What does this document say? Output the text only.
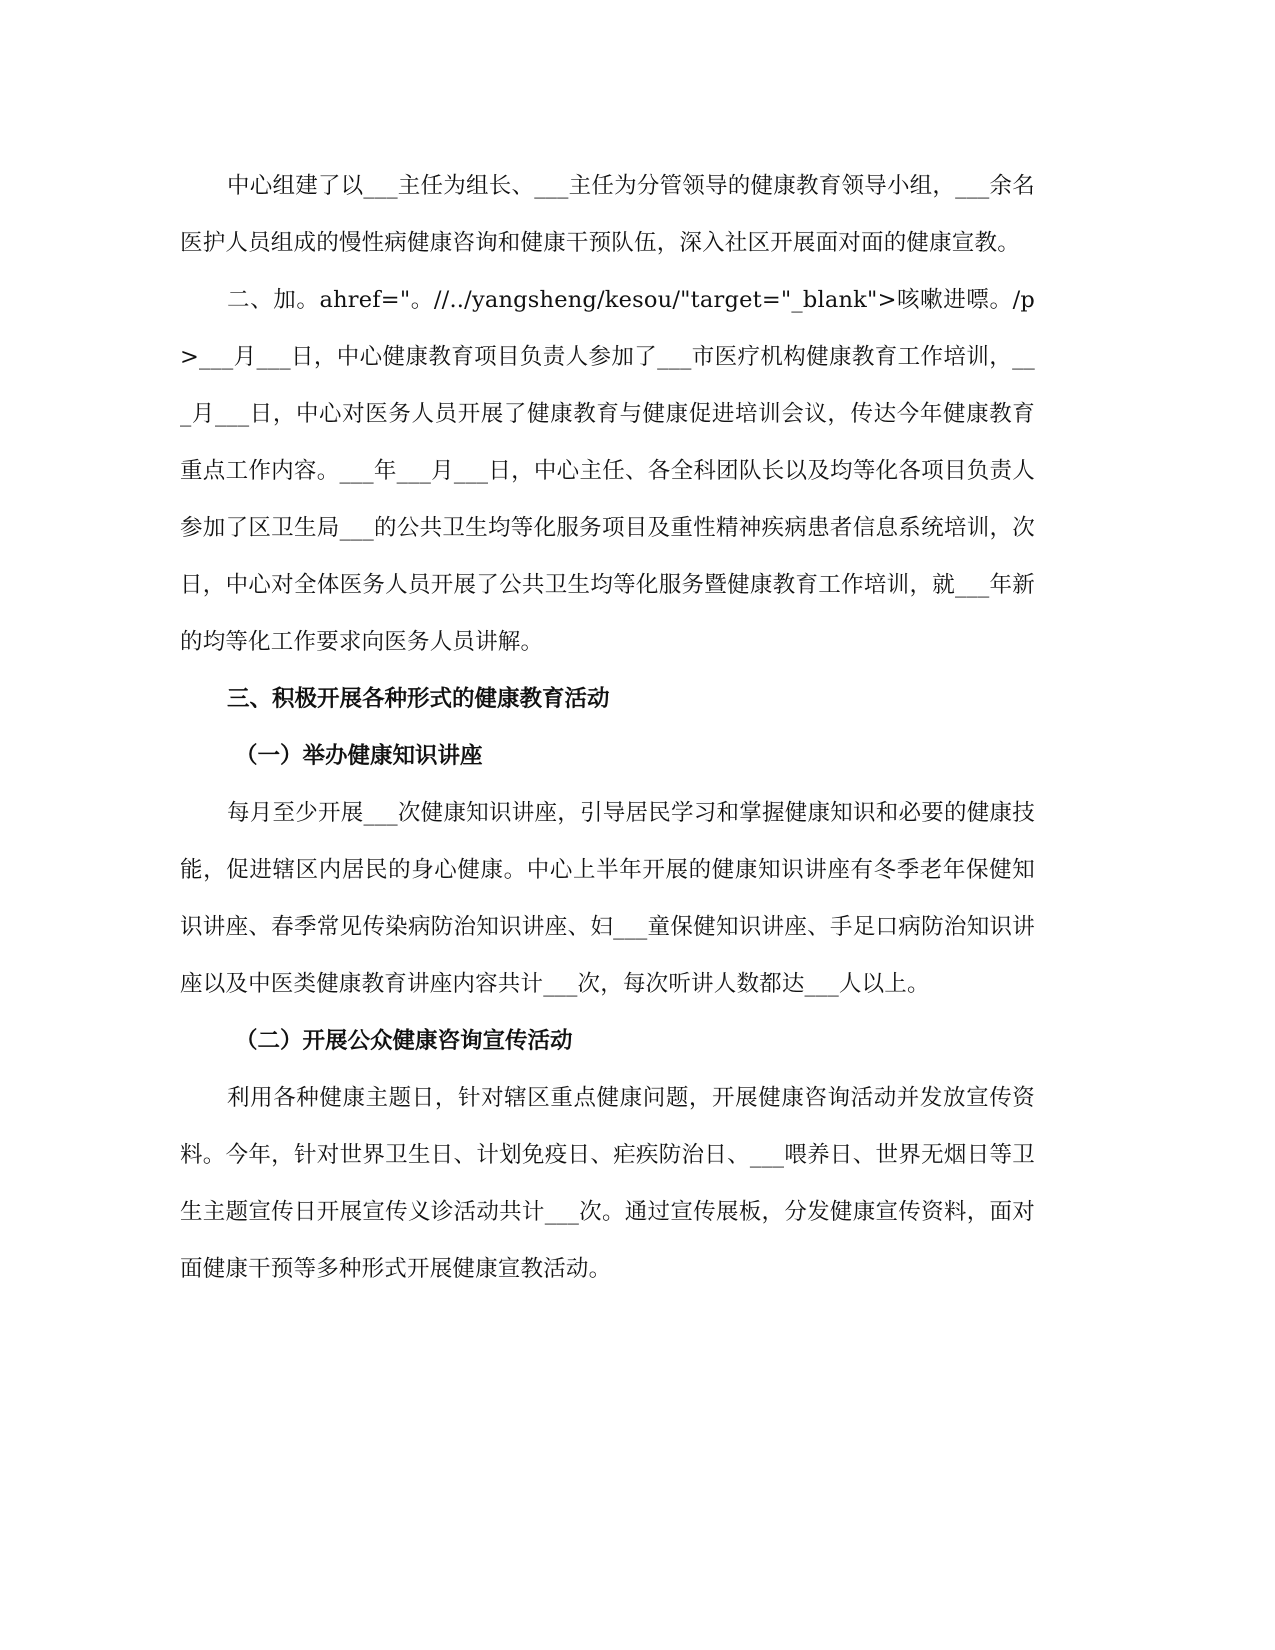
中心组建了以___主任为组长、___主任为分管领导的健康教育领导小组，___余名医护人员组成的慢性病健康咨询和健康干预队伍，深入社区开展面对面的健康宣教。

二、加。ahref="。//../yangsheng/kesou/"target="_blank">咳嗽进嘌。/p>___月___日，中心健康教育项目负责人参加了___市医疗机构健康教育工作培训，___月___日，中心对医务人员开展了健康教育与健康促进培训会议，传达今年健康教育重点工作内容。___年___月___日，中心主任、各全科团队长以及均等化各项目负责人参加了区卫生局___的公共卫生均等化服务项目及重性精神疾病患者信息系统培训，次日，中心对全体医务人员开展了公共卫生均等化服务暨健康教育工作培训，就___年新的均等化工作要求向医务人员讲解。

三、积极开展各种形式的健康教育活动

（一）举办健康知识讲座

每月至少开展___次健康知识讲座，引导居民学习和掌握健康知识和必要的健康技能，促进辖区内居民的身心健康。中心上半年开展的健康知识讲座有冬季老年保健知识讲座、春季常见传染病防治知识讲座、妇___童保健知识讲座、手足口病防治知识讲座以及中医类健康教育讲座内容共计___次，每次听讲人数都达___人以上。

（二）开展公众健康咨询宣传活动

利用各种健康主题日，针对辖区重点健康问题，开展健康咨询活动并发放宣传资料。今年，针对世界卫生日、计划免疫日、疟疾防治日、___喂养日、世界无烟日等卫生主题宣传日开展宣传义诊活动共计___次。通过宣传展板，分发健康宣传资料，面对面健康干预等多种形式开展健康宣教活动。
